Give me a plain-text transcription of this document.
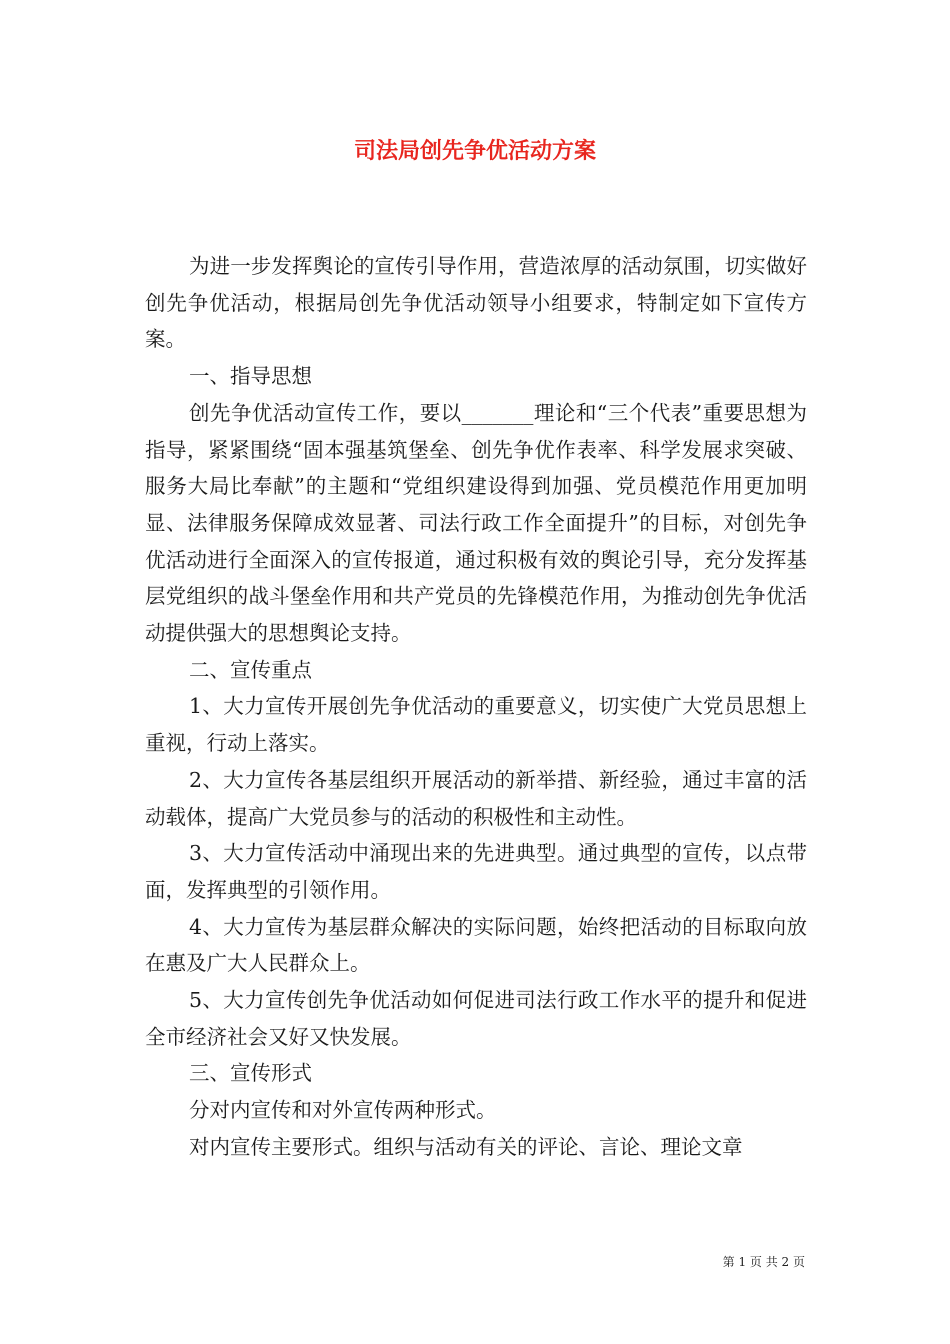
司法局创先争优活动方案

为进一步发挥舆论的宣传引导作用，营造浓厚的活动氛围，切实做好创先争优活动，根据局创先争优活动领导小组要求，特制定如下宣传方案。

一、指导思想

创先争优活动宣传工作，要以_______理论和“三个代表”重要思想为指导，紧紧围绕“固本强基筑堡垒、创先争优作表率、科学发展求突破、服务大局比奉献”的主题和“党组织建设得到加强、党员模范作用更加明显、法律服务保障成效显著、司法行政工作全面提升”的目标，对创先争优活动进行全面深入的宣传报道，通过积极有效的舆论引导，充分发挥基层党组织的战斗堡垒作用和共产党员的先锋模范作用，为推动创先争优活动提供强大的思想舆论支持。

二、宣传重点

1、大力宣传开展创先争优活动的重要意义，切实使广大党员思想上重视，行动上落实。

2、大力宣传各基层组织开展活动的新举措、新经验，通过丰富的活动载体，提高广大党员参与的活动的积极性和主动性。

3、大力宣传活动中涌现出来的先进典型。通过典型的宣传，以点带面，发挥典型的引领作用。

4、大力宣传为基层群众解决的实际问题，始终把活动的目标取向放在惠及广大人民群众上。

5、大力宣传创先争优活动如何促进司法行政工作水平的提升和促进全市经济社会又好又快发展。

三、宣传形式

分对内宣传和对外宣传两种形式。

对内宣传主要形式。组织与活动有关的评论、言论、理论文章

第 1 页 共 2 页
